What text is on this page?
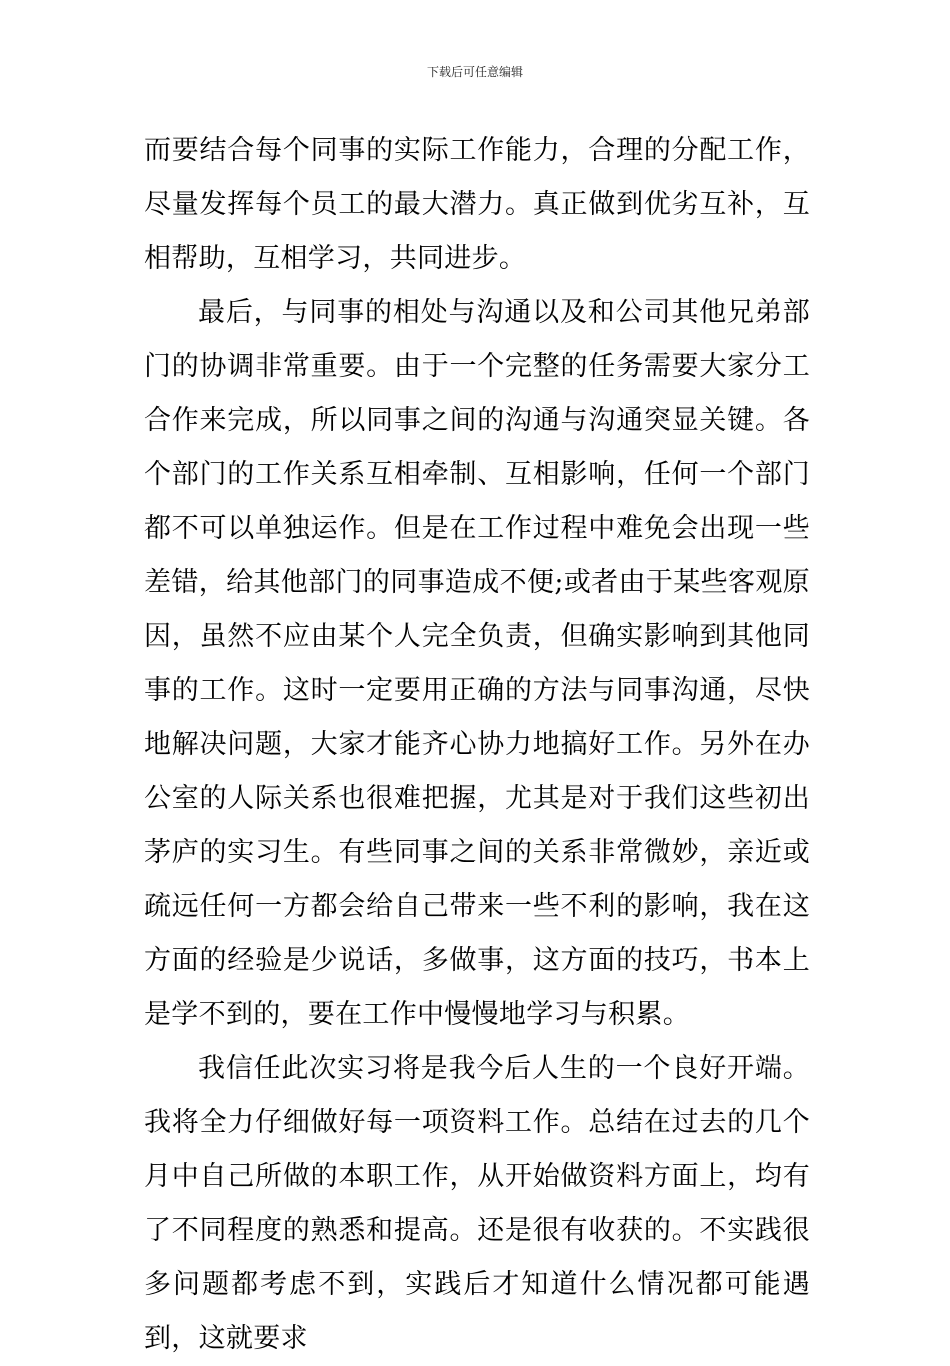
下载后可任意编辑

而要结合每个同事的实际工作能力，合理的分配工作，尽量发挥每个员工的最大潜力。真正做到优劣互补，互相帮助，互相学习，共同进步。

最后，与同事的相处与沟通以及和公司其他兄弟部门的协调非常重要。由于一个完整的任务需要大家分工合作来完成，所以同事之间的沟通与沟通突显关键。各个部门的工作关系互相牵制、互相影响，任何一个部门都不可以单独运作。但是在工作过程中难免会出现一些差错，给其他部门的同事造成不便;或者由于某些客观原因，虽然不应由某个人完全负责，但确实影响到其他同事的工作。这时一定要用正确的方法与同事沟通，尽快地解决问题，大家才能齐心协力地搞好工作。另外在办公室的人际关系也很难把握，尤其是对于我们这些初出茅庐的实习生。有些同事之间的关系非常微妙，亲近或疏远任何一方都会给自己带来一些不利的影响，我在这方面的经验是少说话，多做事，这方面的技巧，书本上是学不到的，要在工作中慢慢地学习与积累。

我信任此次实习将是我今后人生的一个良好开端。我将全力仔细做好每一项资料工作。总结在过去的几个月中自己所做的本职工作，从开始做资料方面上，均有了不同程度的熟悉和提高。还是很有收获的。不实践很多问题都考虑不到，实践后才知道什么情况都可能遇到，这就要求
